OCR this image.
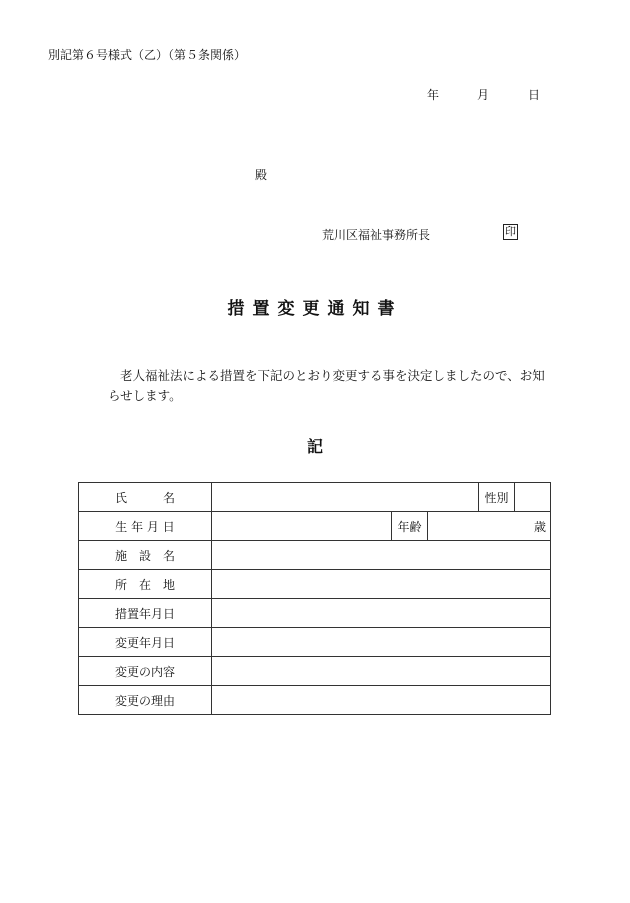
別記第６号様式（乙）（第５条関係）
年	月	日
殿
荒川区福祉事務所長	印
措置変更通知書
老人福祉法による措置を下記のとおり変更する事を決定しましたので、お知らせします。
記
氏　　　名				性別	
生 年 月 日		年齢	歳		
施　設　名					
所　在　地					
措置年月日					
変更年月日					
変更の内容					
変更の理由					
